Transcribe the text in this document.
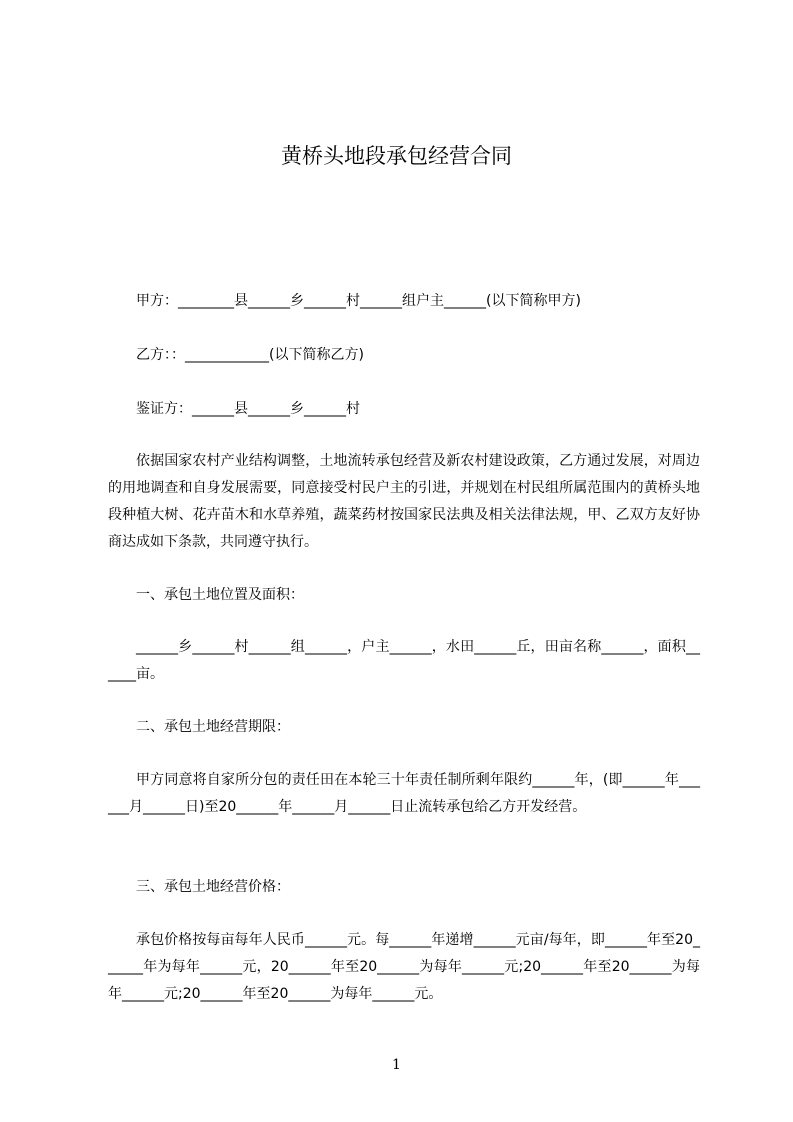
黄桥头地段承包经营合同
甲方：________县______乡______村______组户主______(以下简称甲方)
乙方：：____________(以下简称乙方)
鉴证方：______县______乡______村
依据国家农村产业结构调整，土地流转承包经营及新农村建设政策，乙方通过发展，对周边的用地调查和自身发展需要，同意接受村民户主的引进，并规划在村民组所属范围内的黄桥头地段种植大树、花卉苗木和水草养殖，蔬菜药材按国家民法典及相关法律法规，甲、乙双方友好协商达成如下条款，共同遵守执行。
一、承包土地位置及面积：
______乡______村______组______，户主______，水田______丘，田亩名称______，面积______亩。
二、承包土地经营期限：
甲方同意将自家所分包的责任田在本轮三十年责任制所剩年限约______年，(即______年______月______日)至20______年______月______日止流转承包给乙方开发经营。
三、承包土地经营价格：
承包价格按每亩每年人民币______元。每______年递增______元亩/每年，即______年至20______年为每年______元，20______年至20______为每年______元;20______年至20______为每年______元;20______年至20______为每年______元。
1
